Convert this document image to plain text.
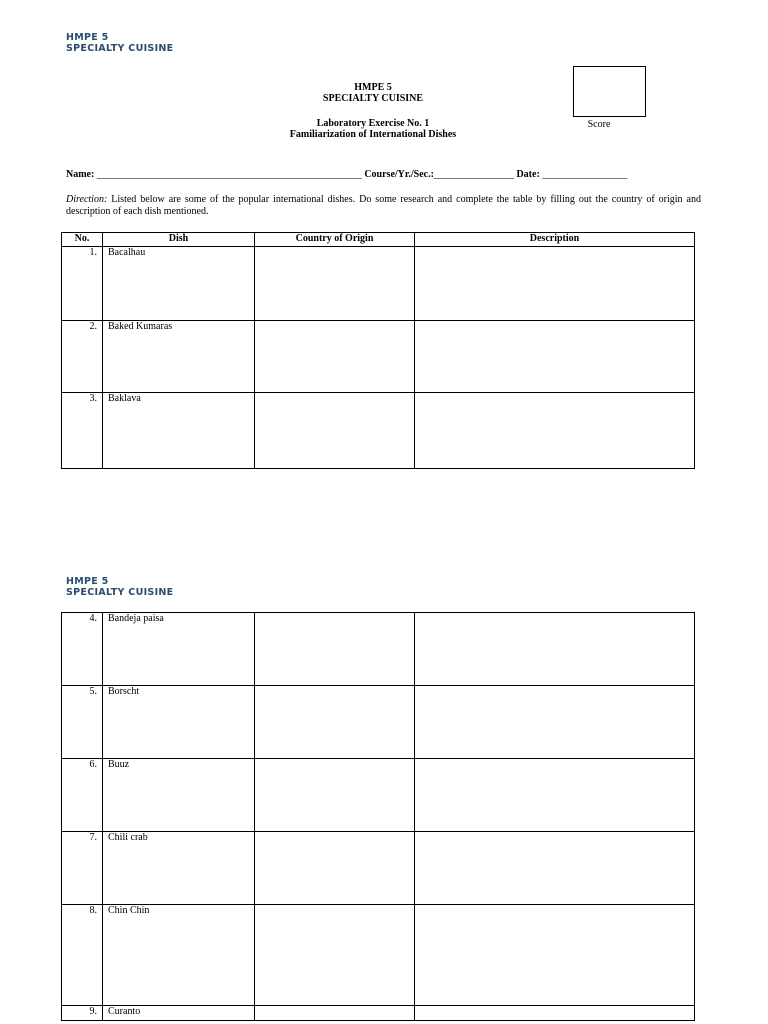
HMPE 5
SPECIALTY CUISINE
HMPE 5
SPECIALTY CUISINE
Laboratory Exercise No. 1
Familiarization of International Dishes
Score
Name: _____________________________________________________ Course/Yr./Sec.:________________ Date: _________________
Direction: Listed below are some of the popular international dishes. Do some research and complete the table by filling out the country of origin and description of each dish mentioned.
No.	Dish	Country of Origin	Description
1.	Bacalhau		
2.	Baked Kumaras		
3.	Baklava		
HMPE 5
SPECIALTY CUISINE
4.	Bandeja paisa		
5.	Borscht		
6.	Buuz		
7.	Chili crab		
8.	Chin Chin		
9.	Curanto		
